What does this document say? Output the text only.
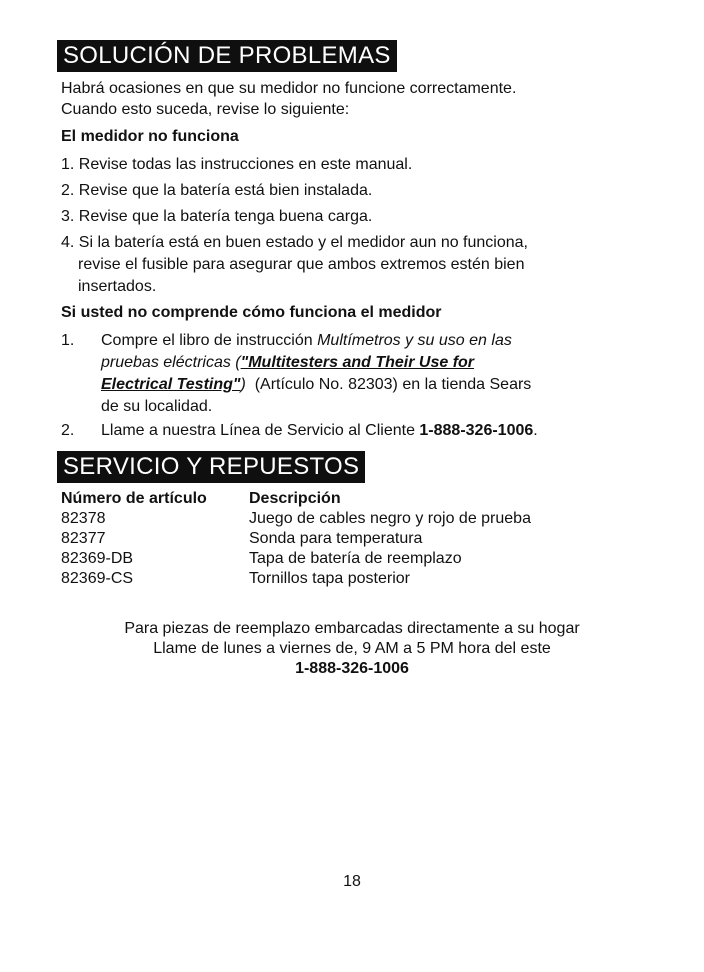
SOLUCIÓN DE PROBLEMAS
Habrá ocasiones en que su medidor no funcione correctamente.
Cuando esto suceda, revise lo siguiente:
El medidor no funciona
1. Revise todas las instrucciones en este manual.
2. Revise que la batería está bien instalada.
3. Revise que la batería tenga buena carga.
4. Si la batería está en buen estado y el medidor aun no funciona,
revise el fusible para asegurar que ambos extremos estén bien
insertados.
Si usted no comprende cómo funciona el medidor
1. Compre el libro de instrucción Multímetros y su uso en las
pruebas eléctricas ("Multitesters and Their Use for
Electrical Testing")  (Artículo No. 82303) en la tienda Sears
de su localidad.
2. Llame a nuestra Línea de Servicio al Cliente 1-888-326-1006.
SERVICIO Y REPUESTOS
Número de artículo	Descripción
82378	Juego de cables negro y rojo de prueba
82377	Sonda para temperatura
82369-DB	Tapa de batería de reemplazo
82369-CS	Tornillos tapa posterior
Para piezas de reemplazo embarcadas directamente a su hogar
Llame de lunes a viernes de, 9 AM a 5 PM hora del este
1-888-326-1006
18
